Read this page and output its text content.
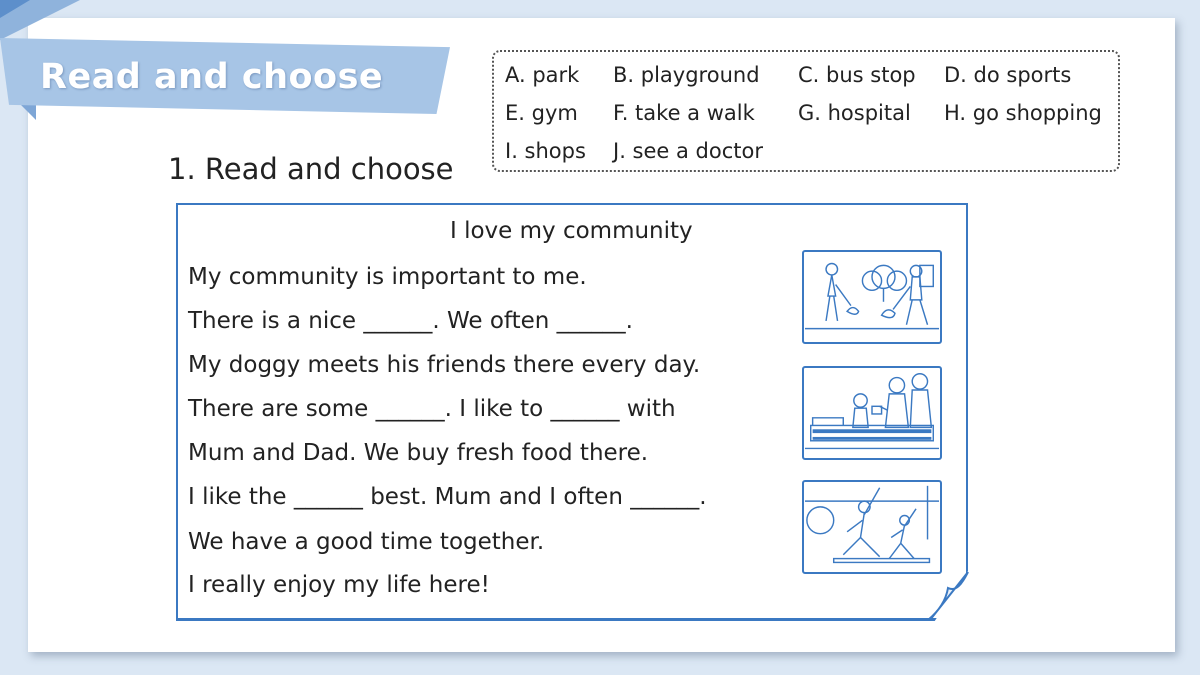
Read and choose	A. park B. playground C. bus stop D. do sports
E. gym F. take a walk G. hospital H. go shopping
I. shops J. see a doctor
1. Read and choose
I love my community
My community is important to me.
There is a nice ______. We often ______.
My doggy meets his friends there every day.
There are some ______. I like to ______ with
Mum and Dad. We buy fresh food there.
I like the ______ best. Mum and I often ______.
We have a good time together.
I really enjoy my life here!
